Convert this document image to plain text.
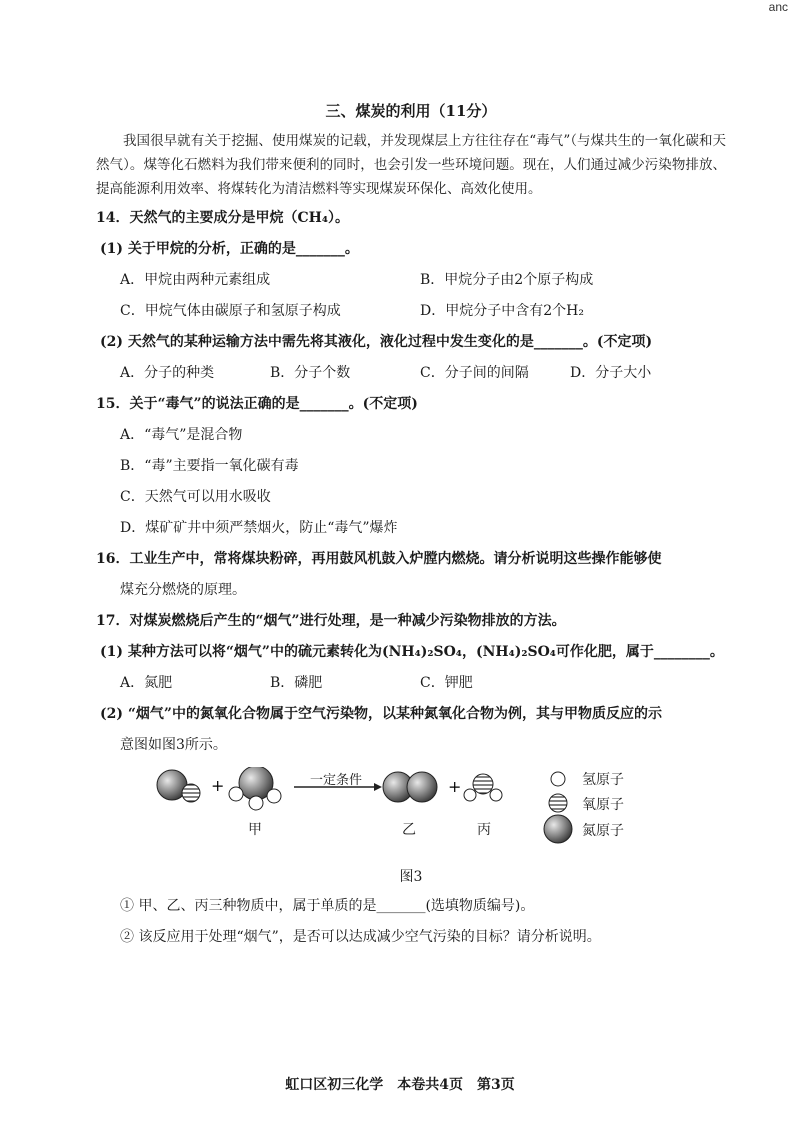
anc
三、煤炭的利用（11分）
我国很早就有关于挖掘、使用煤炭的记载，并发现煤层上方往往存在“毒气”（与煤共生的一氧化碳和天然气）。煤等化石燃料为我们带来便利的同时，也会引发一些环境问题。现在，人们通过减少污染物排放、提高能源利用效率、将煤转化为清洁燃料等实现煤炭环保化、高效化使用。
14．天然气的主要成分是甲烷（CH₄）。
(1) 关于甲烷的分析，正确的是_______。
A．甲烷由两种元素组成	B．甲烷分子由2个原子构成
C．甲烷气体由碳原子和氢原子构成	D．甲烷分子中含有2个H₂
(2) 天然气的某种运输方法中需先将其液化，液化过程中发生变化的是_______。(不定项)
A．分子的种类	B．分子个数	C．分子间的间隔	D．分子大小
15．关于“毒气”的说法正确的是_______。(不定项)
A．“毒气”是混合物
B．“毒”主要指一氧化碳有毒
C．天然气可以用水吸收
D．煤矿矿井中须严禁烟火，防止“毒气”爆炸
16．工业生产中，常将煤块粉碎，再用鼓风机鼓入炉膛内燃烧。请分析说明这些操作能够使
煤充分燃烧的原理。
17．对煤炭燃烧后产生的“烟气”进行处理，是一种减少污染物排放的方法。
(1) 某种方法可以将“烟气”中的硫元素转化为(NH₄)₂SO₄，(NH₄)₂SO₄可作化肥，属于________。
A．氮肥	B．磷肥	C．钾肥
(2) “烟气”中的氮氧化合物属于空气污染物，以某种氮氧化合物为例，其与甲物质反应的示
意图如图3所示。
+	+
一定条件
甲	乙	丙
氢原子
氧原子
氮原子
图3
① 甲、乙、丙三种物质中，属于单质的是_______(选填物质编号)。
② 该反应用于处理“烟气”，是否可以达成减少空气污染的目标？请分析说明。
虹口区初三化学　本卷共4页　第3页
